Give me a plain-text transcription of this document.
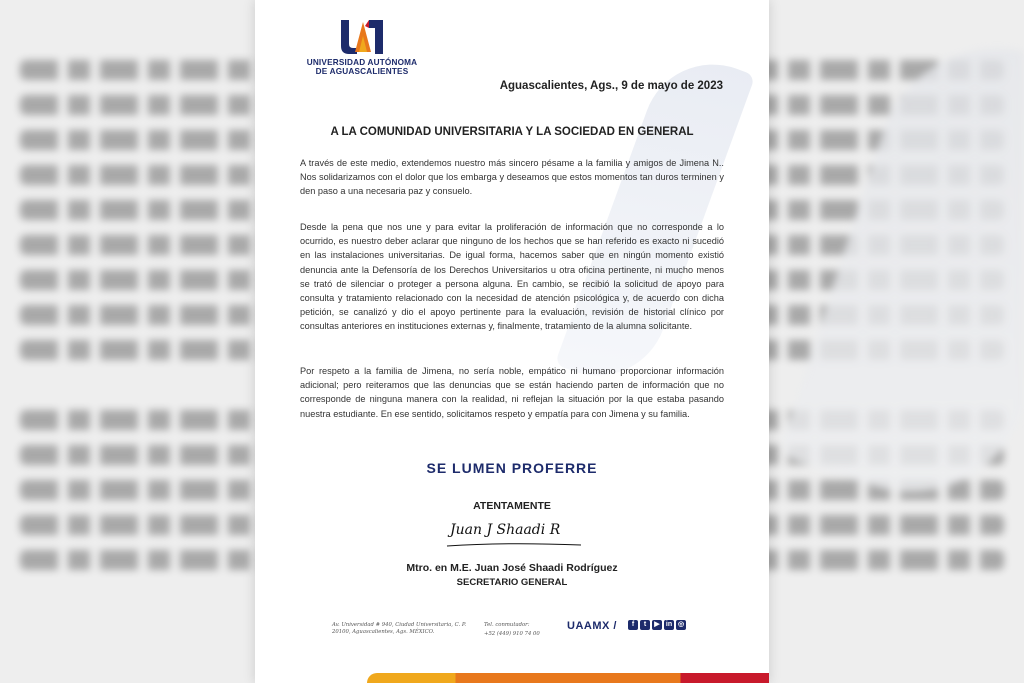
UNIVERSIDAD AUTÓNOMA
DE AGUASCALIENTES
Aguascalientes, Ags., 9 de mayo de 2023
A LA COMUNIDAD UNIVERSITARIA Y LA SOCIEDAD EN GENERAL
A través de este medio, extendemos nuestro más sincero pésame a la familia y amigos de Jimena N.. Nos solidarizamos con el dolor que los embarga y deseamos que estos momentos tan duros terminen y den paso a una necesaria paz y consuelo.
Desde la pena que nos une y para evitar la proliferación de información que no corresponde a lo ocurrido, es nuestro deber aclarar que ninguno de los hechos que se han referido es exacto ni sucedió en las instalaciones universitarias. De igual forma, hacemos saber que en ningún momento existió denuncia ante la Defensoría de los Derechos Universitarios u otra oficina pertinente, ni mucho menos se trató de silenciar o proteger a persona alguna. En cambio, se recibió la solicitud de apoyo para consulta y tratamiento relacionado con la necesidad de atención psicológica y, de acuerdo con dicha petición, se canalizó y dio el apoyo pertinente para la evaluación, revisión de historial clínico por consultas anteriores en instituciones externas y, finalmente, tratamiento de la alumna solicitante.
Por respeto a la familia de Jimena, no sería noble, empático ni humano proporcionar información adicional; pero reiteramos que las denuncias que se están haciendo parten de información que no corresponde de ninguna manera con la realidad, ni reflejan la situación por la que estaba pasando nuestra estudiante. En ese sentido, solicitamos respeto y empatía para con Jimena y su familia.
SE LUMEN PROFERRE
ATENTAMENTE
Juan J Shaadi R
Mtro. en M.E. Juan José Shaadi Rodríguez
SECRETARIO GENERAL
Av. Universidad # 940, Ciudad Universitaria, C. P. 20100, Aguascalientes, Ags. MÉXICO.
Tel. conmutador:
+52 (449) 910 74 00
UAAMX /	f	t	▶ in ◎
